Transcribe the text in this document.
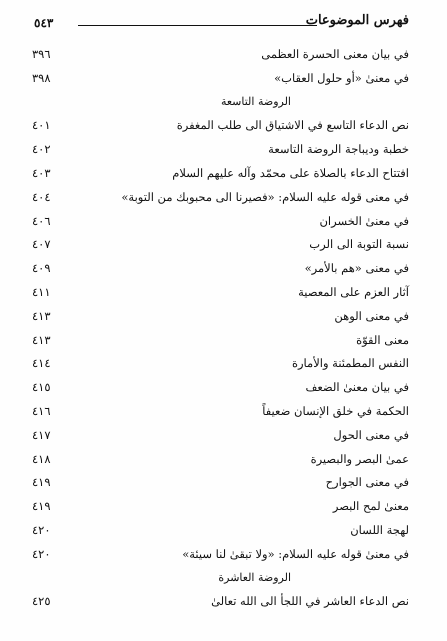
فهرس الموضوعات
٥٤٣
في بيان معنى الحسرة العظمى
٣٩٦
في معنىٰ «أو حلول العقاب»
٣٩٨
الروضة التاسعة
نص الدعاء التاسع في الاشتياق الى طلب المغفرة
٤٠١
خطبة وديباجة الروضة التاسعة
٤٠٢
افتتاح الدعاء بالصلاة على محمّد وآله عليهم السلام
٤٠٣
في معنى قوله عليه السلام: «فصيرنا الى محبوبك من التوبة»
٤٠٤
في معنىٰ الخسران
٤٠٦
نسبة التوبة الى الرب
٤٠٧
في معنى «هم بالأمر»
٤٠٩
آثار العزم على المعصية
٤١١
في معنى الوهن
٤١٣
معنى القوّة
٤١٣
النفس المطمئنة والأمارة
٤١٤
في بيان معنىٰ الضعف
٤١٥
الحكمة في خلق الإنسان ضعيفاً
٤١٦
في معنى الحول
٤١٧
عمىٰ البصر والبصيرة
٤١٨
في معنى الجوارح
٤١٩
معنىٰ لمح البصر
٤١٩
لهجة اللسان
٤٢٠
في معنىٰ قوله عليه السلام: «ولا تبقىٰ لنا سيئة»
٤٢٠
الروضة العاشرة
نص الدعاء العاشر في اللجأ الى الله تعالىٰ
٤٢٥
